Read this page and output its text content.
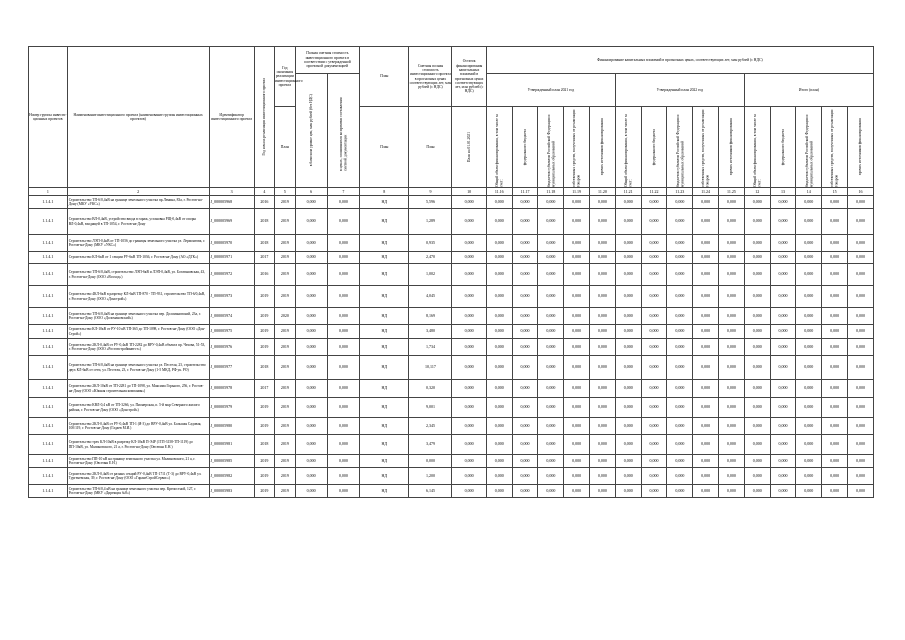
Номер группы инвести-ционных проектов	Наименование инвестиционного проекта (наименование группы инвестиционных проектов)	Идентификатор инвестиционного проекта	Год начала реализации инвестиционного проекта	Год окончания реализации инвестиционного проекта	Полная сметная стоимость инвестиционного проекта в соответствии с утвержденной проектной документацией		План	Сметная полная стоимость инвестиционного проекта в прогнозных ценах соответствующих лет, млн рублей (с НДС)	Остаток финансирования капитальных вложений в прогнозных ценах соответствующих лет, млн рублей (с НДС)	Финансирование капитальных вложений в прогнозных ценах, соответствующих лет, млн рублей (с НДС)														

					в базисном уровне цен, млн рублей (без НДС)	в ценах, сложившихся ко времени составления сметной документации				Утвержденный план 2021 год					Утвержденный план 2022 год					Итого (план)				
				План			План	План	План на 01.01.2021	Общий объем финансирования, в том числе за счет:	федерального бюджета	бюджетов субъектов Российской Федерации и муниципальных образований	собственных средств, полученных от реализации товаров	прочих источников финансирования	Общий объем финансирования, в том числе за счет:	федерального бюджета	бюджетов субъектов Российской Федерации и муниципальных образований	собственных средств, полученных от реализации товаров	прочих источников финансирования	Общий объем финансирования, в том числе за счет:	федерального бюджета	бюджетов субъектов Российской Федерации и муниципальных образований	собственных средств, полученных от реализации товаров	прочих источников финансирования

1	2	3	4	5	6	7	8	9	10	11.16	11.17	11.18	11.19	11.20	11.21	11.22	11.23	11.24	11.25	12	13	14	15	16
1.1.4.1	Строительство ТП-6/0,4кВ на границе земельного участка пр.Ленина, 83а, г. Ростов-на-Дону (МКУ «УКС»)	J_000005968	2016	2019	0,000	0,000	НД	5,596	0,000	0,000	0,000	0,000	0,000	0,000	0,000	0,000	0,000	0,000	0,000	0,000	0,000	0,000	0,000	0,000
1.1.4.1	Строительство ВЛ-0,4кВ, устройство ввода в гараж, установка РЩ-0,4кВ от опоры ВЛ-0,4кВ, входящей в ТП-1054, г. Ростов-на-Дону	J_000005969	2018	2019	0,000	0,000	НД	1,289	0,000	0,000	0,000	0,000	0,000	0,000	0,000	0,000	0,000	0,000	0,000	0,000	0,000	0,000	0,000	0,000
1.1.4.1	Строительство ЛЭП-0,4кВ от ТП-1056 до границы земельного участка ул. Лермонтова, г. Ростов-на-Дону (МКУ «УКС»)	J_000005970	2018	2019	0,000	0,000	НД	0,935	0,000	0,000	0,000	0,000	0,000	0,000	0,000	0,000	0,000	0,000	0,000	0,000	0,000	0,000	0,000	0,000
1.1.4.1	Строительство КЛ-6кВ от 1 секции РУ-6кВ ТП-1036, г. Ростов-на-Дону (АО «ДГК»)	J_000005971	2017	2019	0,000	0,000	НД	2,470	0,000	0,000	0,000	0,000	0,000	0,000	0,000	0,000	0,000	0,000	0,000	0,000	0,000	0,000	0,000	0,000
1.1.4.1	Строительство ТП-6/0,4кВ, строительство ЛЭП-6кВ и ЛЭП-0,4кВ, ул. Богатяновская, 43, г. Ростов-на-Дону (ООО «Восход»)	J_000005972	2016	2019	0,000	0,000	НД	1,002	0,000	0,000	0,000	0,000	0,000	0,000	0,000	0,000	0,000	0,000	0,000	0,000	0,000	0,000	0,000	0,000
1.1.4.1	Строительство 4КЛ-6кВ в разрезку КЛ-6кВ ТП-870 - ТП-931, строительство ТП-6/0,4кВ, г. Ростов-на-Дону (ООО «Донстрой»)	J_000005973	2019	2019	0,000	0,000	НД	4,045	0,000	0,000	0,000	0,000	0,000	0,000	0,000	0,000	0,000	0,000	0,000	0,000	0,000	0,000	0,000	0,000
1.1.4.1	Строительство ТП-6/0,4кВ на границе земельного участка пер. Доломановский, 23а, г. Ростов-на-Дону (ООО «Доломановский»)	J_000005974	2019	2020	0,000	0,000	НД	8,169	0,000	0,000	0,000	0,000	0,000	0,000	0,000	0,000	0,000	0,000	0,000	0,000	0,000	0,000	0,000	0,000
1.1.4.1	Строительство КЛ-10кВ от РУ-10 кВ ТП-365 до ТП-1098, г. Ростов-на-Дону (ООО «Дон-Строй»)	J_000005975	2019	2019	0,000	0,000	НД	3,480	0,000	0,000	0,000	0,000	0,000	0,000	0,000	0,000	0,000	0,000	0,000	0,000	0,000	0,000	0,000	0,000
1.1.4.1	Строительство 2КЛ-0,4кВ от РУ-0,4кВ ТП-2282 до ВРУ-0,4кВ объекта пр. Чехова, 51-53, г. Ростов-на-Дону (ООО «Ростовстройинвест»)	J_000005976	2019	2019	0,000	0,000	НД	1,734	0,000	0,000	0,000	0,000	0,000	0,000	0,000	0,000	0,000	0,000	0,000	0,000	0,000	0,000	0,000	0,000
1.1.4.1	Строительство ТП-6/0,4кВ на границе земельного участка ул. Пестеля, 23, строительство двух КЛ-6кВ от сети, ул. Пестеля, 23, г. Ростов-на-Дону (1-5 МКД, РФ ук. РО)	J_000005977	2018	2019	0,000	0,000	НД	10,117	0,000	0,000	0,000	0,000	0,000	0,000	0,000	0,000	0,000	0,000	0,000	0,000	0,000	0,000	0,000	0,000
1.1.4.1	Строительство 2КЛ-10кВ от ТП-2281 до ТП-1098, ул. Максима Горького, 256, г. Ростов-на-Дону (ООО «Южная строительная компания»)	J_000005978	2017	2019	0,000	0,000	НД	0,320	0,000	0,000	0,000	0,000	0,000	0,000	0,000	0,000	0,000	0,000	0,000	0,000	0,000	0,000	0,000	0,000
1.1.4.1	Строительство КВЛ-0,4 кВ от ТП-3266, ул. Пионерская, п. 5-й мкр Северного жилого района, г. Ростов-на-Дону (ООО «Донстрой»)	J_000005979	2019	2019	0,000	0,000	НД	9,001	0,000	0,000	0,000	0,000	0,000	0,000	0,000	0,000	0,000	0,000	0,000	0,000	0,000	0,000	0,000	0,000
1.1.4.1	Строительство 2КЛ-0,4кВ от РУ-0,4кВ ТП-1 (Я-3) до ВРУ-0,4кВ ул. Большая Садовая, 100/119, г. Ростов-на-Дону (Гадаев М.И.)	J_000005980	2019	2019	0,000	0,000	НД	2,345	0,000	0,000	0,000	0,000	0,000	0,000	0,000	0,000	0,000	0,000	0,000	0,000	0,000	0,000	0,000	0,000
1.1.4.1	Строительство трех КЛ-10кВ в разрезку КЛ-10кВ П-Э4Р (1ТП-3158-ТП-1119) до ПП-10кВ, ул. Малиновского, 21 а, г. Ростов-на-Дону (Овсепян Е.Н.)	J_000005981	2018	2019	0,000	0,000	НД	3,479	0,000	0,000	0,000	0,000	0,000	0,000	0,000	0,000	0,000	0,000	0,000	0,000	0,000	0,000	0,000	0,000
1.1.4.1	Строительство ПП-10 кВ на границе земельного участка ул. Малиновского, 21 а, г. Ростов-на-Дону (Овсепян Е.Н.)	J_000005985	2019	2019	0,000	0,000	НД	0,000	0,000	0,000	0,000	0,000	0,000	0,000	0,000	0,000	0,000	0,000	0,000	0,000	0,000	0,000	0,000	0,000
1.1.4.1	Строительство 2КЛ-0,4кВ от разных секций РУ-0,4кВ ТП-1711 (Т-3) до ВРУ-0,4кВ ул. Тургеневская, 39, г. Ростов-на-Дону (ООО «ГарантСтройСервис»)	J_000005982	2019	2019	0,000	0,000	НД	1,200	0,000	0,000	0,000	0,000	0,000	0,000	0,000	0,000	0,000	0,000	0,000	0,000	0,000	0,000	0,000	0,000
1.1.4.1	Строительство ТП-6/0,4 кВ на границе земельного участка пер. Крепостной, 127, г. Ростов-на-Дону (МКУ «Дирекция №8»)	J_000005983	2019	2019	0,000	0,000	НД	6,145	0,000	0,000	0,000	0,000	0,000	0,000	0,000	0,000	0,000	0,000	0,000	0,000	0,000	0,000	0,000	0,000
